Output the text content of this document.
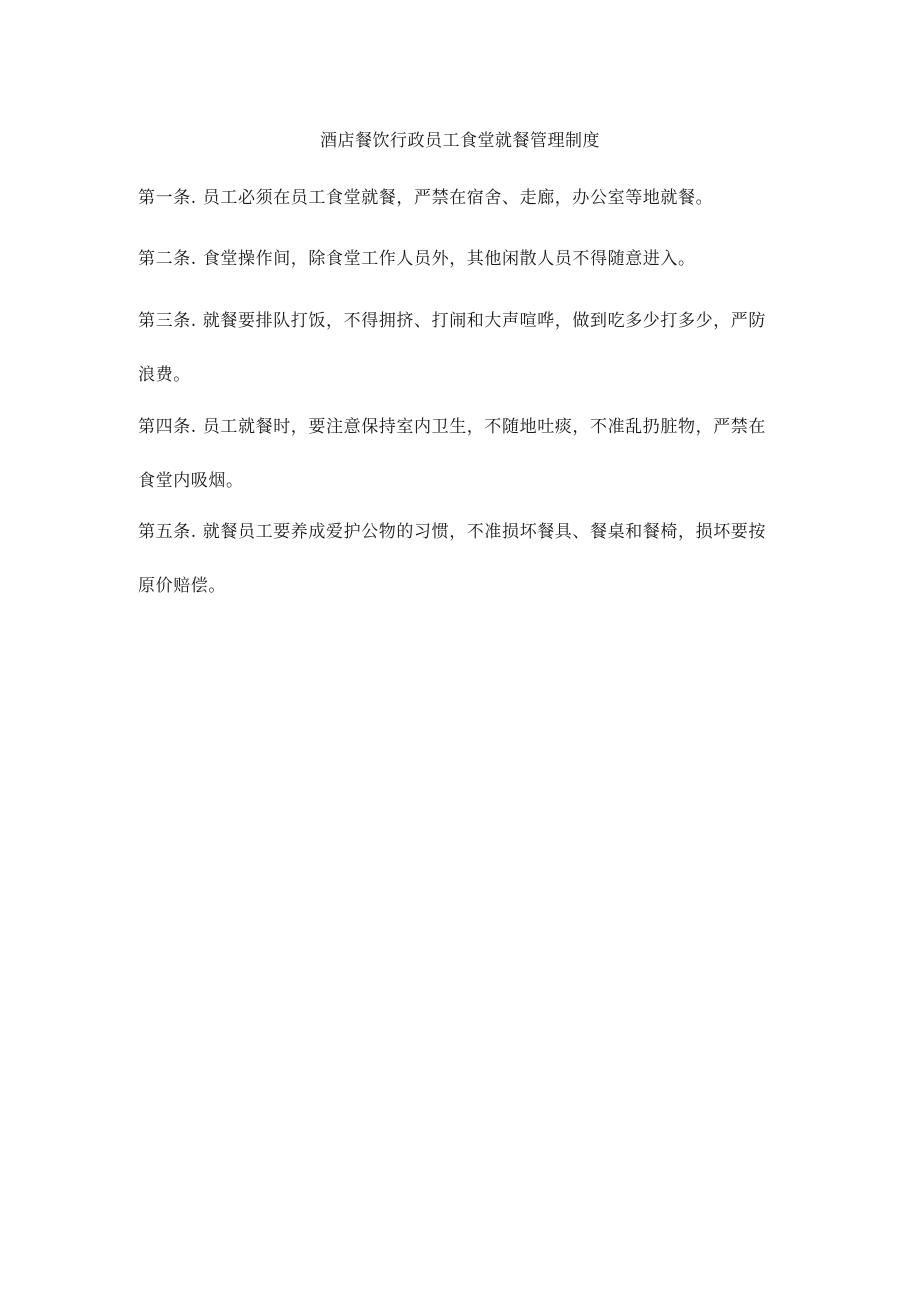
酒店餐饮行政员工食堂就餐管理制度

第一条. 员工必须在员工食堂就餐，严禁在宿舍、走廊，办公室等地就餐。

第二条. 食堂操作间，除食堂工作人员外，其他闲散人员不得随意进入。

第三条. 就餐要排队打饭，不得拥挤、打闹和大声喧哗，做到吃多少打多少，严防浪费。

第四条. 员工就餐时，要注意保持室内卫生，不随地吐痰，不准乱扔脏物，严禁在食堂内吸烟。

第五条. 就餐员工要养成爱护公物的习惯，不准损坏餐具、餐桌和餐椅，损坏要按原价赔偿。
